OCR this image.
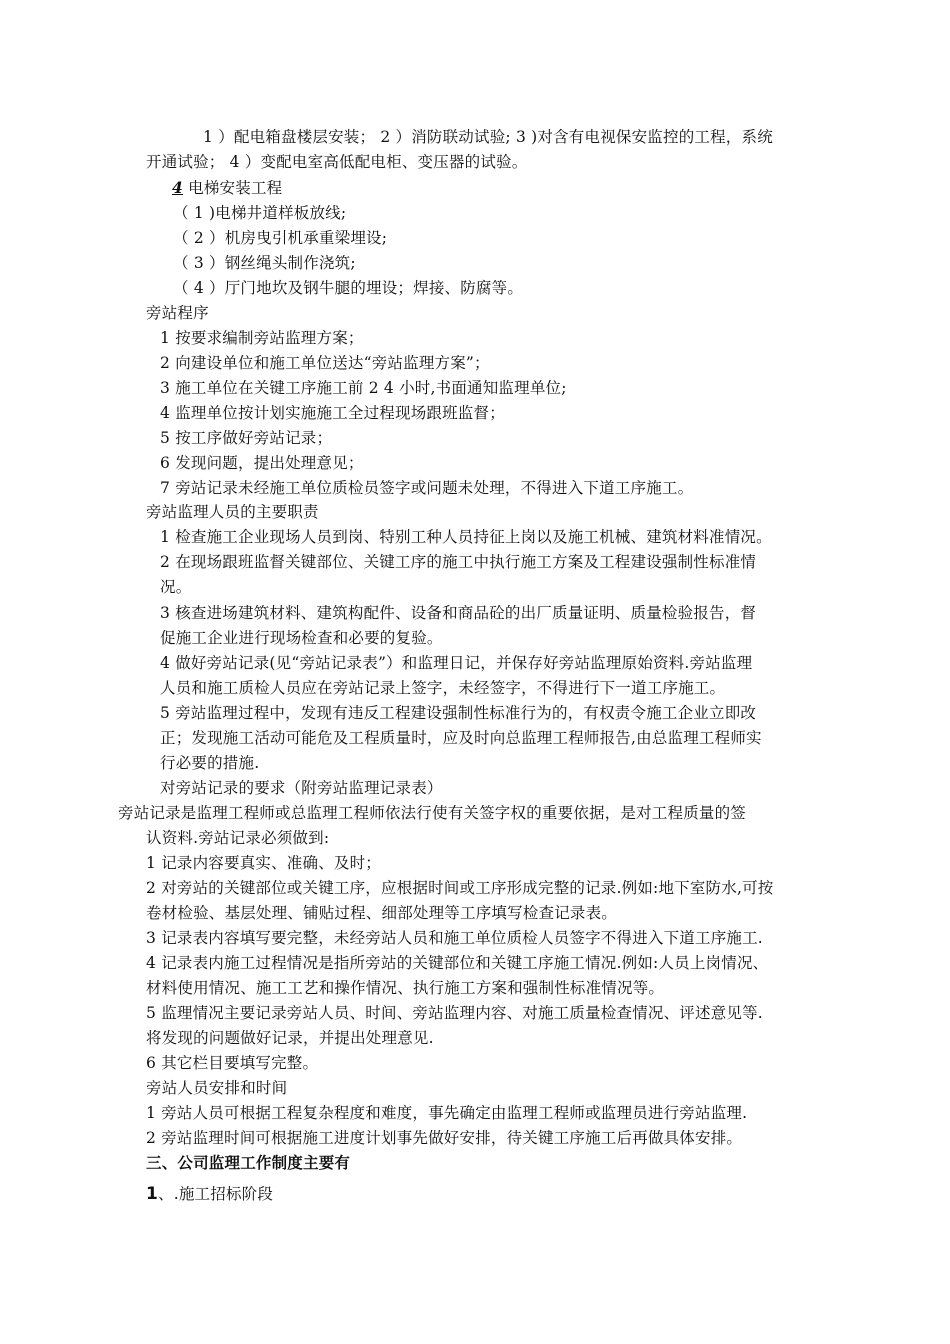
1 ）配电箱盘楼层安装； 2 ）消防联动试验; 3 )对含有电视保安监控的工程，系统
开通试验； 4 ）变配电室高低配电柜、变压器的试验。
4 电梯安装工程
（ 1 )电梯井道样板放线;
（ 2 ）机房曳引机承重梁埋设;
（ 3 ）钢丝绳头制作浇筑;
（ 4 ）厅门地坎及钢牛腿的埋设；焊接、防腐等。
旁站程序
1 按要求编制旁站监理方案；
2 向建设单位和施工单位送达“旁站监理方案”；
3 施工单位在关键工序施工前 2 4 小时,书面通知监理单位;
4 监理单位按计划实施施工全过程现场跟班监督；
5 按工序做好旁站记录；
6 发现问题，提出处理意见；
7 旁站记录未经施工单位质检员签字或问题未处理，不得进入下道工序施工。
旁站监理人员的主要职责
1 检查施工企业现场人员到岗、特别工种人员持征上岗以及施工机械、建筑材料准情况。
2 在现场跟班监督关键部位、关键工序的施工中执行施工方案及工程建设强制性标准情
况。
3 核查进场建筑材料、建筑构配件、设备和商品砼的出厂质量证明、质量检验报告，督
促施工企业进行现场检查和必要的复验。
4 做好旁站记录(见“旁站记录表”）和监理日记，并保存好旁站监理原始资料.旁站监理
人员和施工质检人员应在旁站记录上签字，未经签字，不得进行下一道工序施工。
5 旁站监理过程中，发现有违反工程建设强制性标准行为的，有权责令施工企业立即改
正；发现施工活动可能危及工程质量时，应及时向总监理工程师报告,由总监理工程师实
行必要的措施.
对旁站记录的要求（附旁站监理记录表）
旁站记录是监理工程师或总监理工程师依法行使有关签字权的重要依据，是对工程质量的签
认资料.旁站记录必须做到:
1 记录内容要真实、准确、及时；
2 对旁站的关键部位或关键工序，应根据时间或工序形成完整的记录.例如:地下室防水,可按
卷材检验、基层处理、铺贴过程、细部处理等工序填写检查记录表。
3 记录表内容填写要完整，未经旁站人员和施工单位质检人员签字不得进入下道工序施工.
4 记录表内施工过程情况是指所旁站的关键部位和关键工序施工情况.例如:人员上岗情况、
材料使用情况、施工工艺和操作情况、执行施工方案和强制性标准情况等。
5 监理情况主要记录旁站人员、时间、旁站监理内容、对施工质量检查情况、评述意见等.
将发现的问题做好记录，并提出处理意见.
6 其它栏目要填写完整。
旁站人员安排和时间
1 旁站人员可根据工程复杂程度和难度，事先确定由监理工程师或监理员进行旁站监理.
2 旁站监理时间可根据施工进度计划事先做好安排，待关键工序施工后再做具体安排。
三、公司监理工作制度主要有
1、.施工招标阶段
